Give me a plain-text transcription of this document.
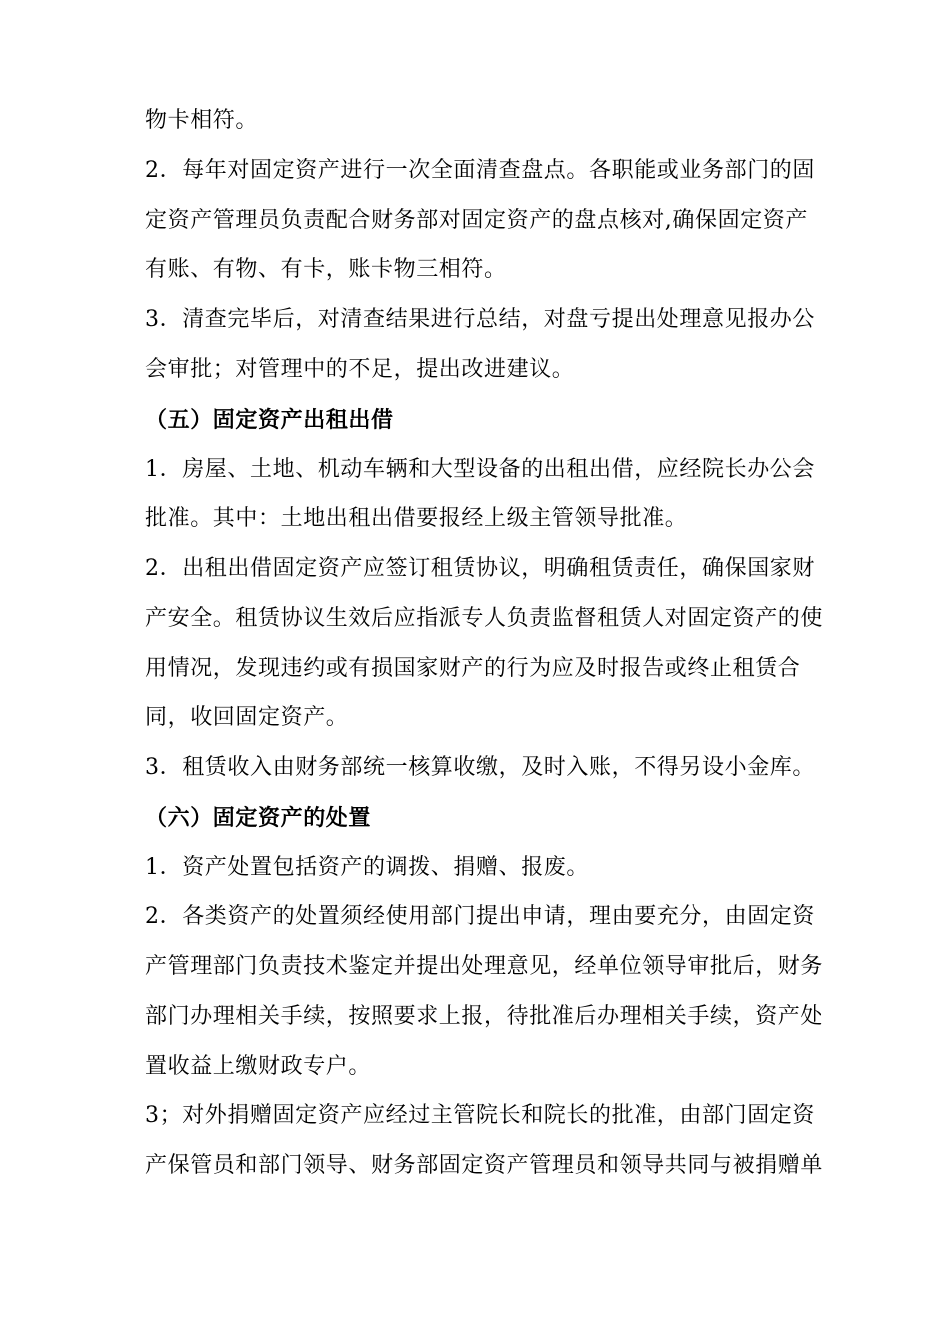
物卡相符。
2．每年对固定资产进行一次全面清查盘点。各职能或业务部门的固
定资产管理员负责配合财务部对固定资产的盘点核对,确保固定资产
有账、有物、有卡，账卡物三相符。
3．清查完毕后，对清查结果进行总结，对盘亏提出处理意见报办公
会审批；对管理中的不足，提出改进建议。
（五）固定资产出租出借
1．房屋、土地、机动车辆和大型设备的出租出借，应经院长办公会
批准。其中：土地出租出借要报经上级主管领导批准。
2．出租出借固定资产应签订租赁协议，明确租赁责任，确保国家财
产安全。租赁协议生效后应指派专人负责监督租赁人对固定资产的使
用情况，发现违约或有损国家财产的行为应及时报告或终止租赁合
同，收回固定资产。
3．租赁收入由财务部统一核算收缴，及时入账，不得另设小金库。
（六）固定资产的处置
1．资产处置包括资产的调拨、捐赠、报废。
2．各类资产的处置须经使用部门提出申请，理由要充分，由固定资
产管理部门负责技术鉴定并提出处理意见，经单位领导审批后，财务
部门办理相关手续，按照要求上报，待批准后办理相关手续，资产处
置收益上缴财政专户。
3；对外捐赠固定资产应经过主管院长和院长的批准，由部门固定资
产保管员和部门领导、财务部固定资产管理员和领导共同与被捐赠单
